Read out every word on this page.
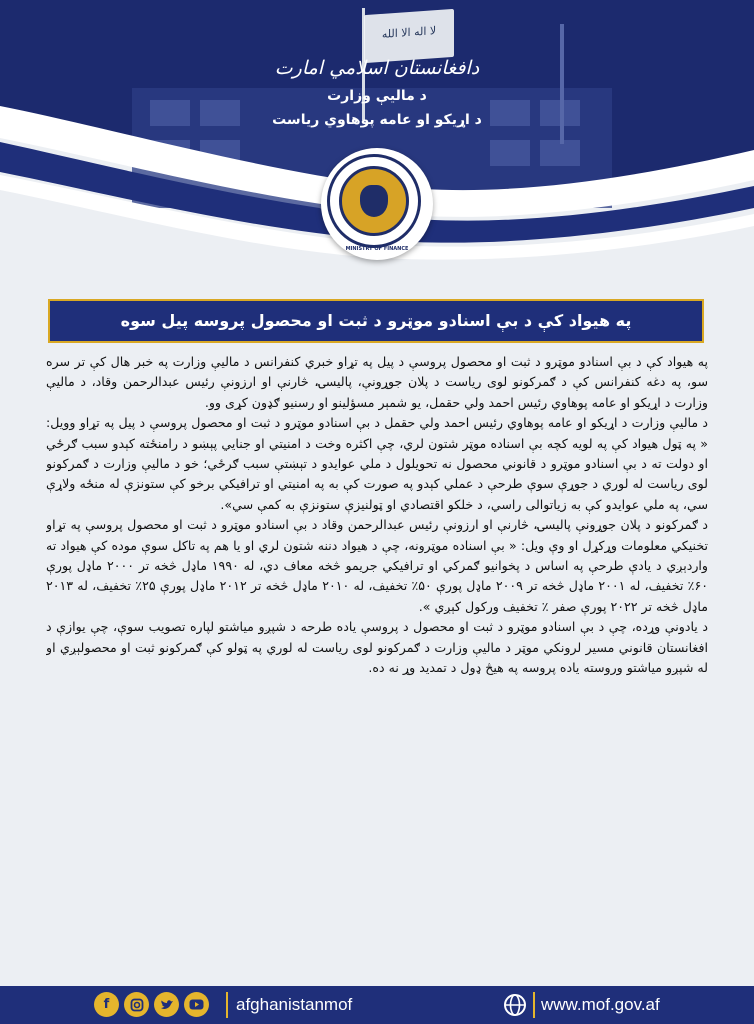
لا اله الا الله
دافغانستان اسلامي امارت
د ماليې وزارت
د اړيکو او عامه پوهاوي رياست
MINISTRY OF FINANCE
په هیواد کې د بې اسنادو موټرو د ثبت او محصول پروسه پیل سوه

په هیواد کې د بې اسنادو موټرو د ثبت او محصول پروسې د پیل په تړاو خبري کنفرانس د ماليې وزارت په خبر هال کې تر سره سو، په دغه کنفرانس کې د ګمرکونو لوی رياست د پلان جوړونې، پاليسۍ، څارنې او ارزونې رئيس عبدالرحمن وقاد، د ماليې وزارت د اړيکو او عامه پوهاوي رئيس احمد ولي حقمل، يو شمېر مسؤلينو او رسنيو ګډون کړی وو.

د ماليې وزارت د اړيکو او عامه پوهاوي رئيس احمد ولي حقمل د بې اسنادو موټرو د ثبت او محصول پروسې د پیل په تړاو وويل: « په ټول هیواد کې په لويه کچه بې اسناده موټر شتون لري، چې اکثره وخت د امنيتي او جنايي پېښو د رامنځته کېدو سبب ګرځي او دولت ته د بې اسنادو موټرو د قانوني محصول نه تحويلول د ملي عوايدو د تېښتې سبب ګرځي؛ خو د ماليې وزارت د ګمرکونو لوی رياست له لوري د جوړې سوې طرحې د عملي کېدو په صورت کې به په امنيتي او ترافيکي برخو کې ستونزې له منځه ولاړې سي، په ملي عوايدو کې به زياتوالی راسي، د خلکو اقتصادي او ټولنيزې ستونزې به کمې سي».

د ګمرکونو د پلان جوړونې پاليسۍ، څارنې او ارزونې رئيس عبدالرحمن وقاد د بې اسنادو موټرو د ثبت او محصول پروسې په تړاو تخنيکي معلومات وړکړل او وې ويل: « بې اسناده موټرونه، چې د هیواد دننه شتون لري او يا هم په تاکل سوې موده کې هیواد ته واردېږي د يادې طرحې په اساس د پخوانيو ګمرکي او ترافيکي جريمو څخه معاف دي، له ۱۹۹۰ ماډل څخه تر ۲۰۰۰ ماډل پورې ۶۰٪ تخفيف، له ۲۰۰۱ ماډل څخه تر ۲۰۰۹ ماډل پورې ۵۰٪ تخفيف، له ۲۰۱۰ ماډل څخه تر ۲۰۱۲ ماډل پورې ۲۵٪ تخفيف، له ۲۰۱۳ ماډل څخه تر ۲۰۲۲ پورې صفر ٪ تخفيف ورکول کېږي ».

د يادونې وړده، چې د بې اسنادو موټرو د ثبت او محصول د پروسې ياده طرحه د شپږو مياشتو لپاره تصويب سوې، چې يوازې د افغانستان قانوني مسير لرونکي موټر د ماليې وزارت د ګمرکونو لوی رياست له لوري په ټولو کې ګمرکونو ثبت او محصولېږي او له شپږو مياشتو وروسته ياده پروسه په هيڅ ډول د تمديد وړ نه ده.

f	afghanistanmof	www.mof.gov.af
